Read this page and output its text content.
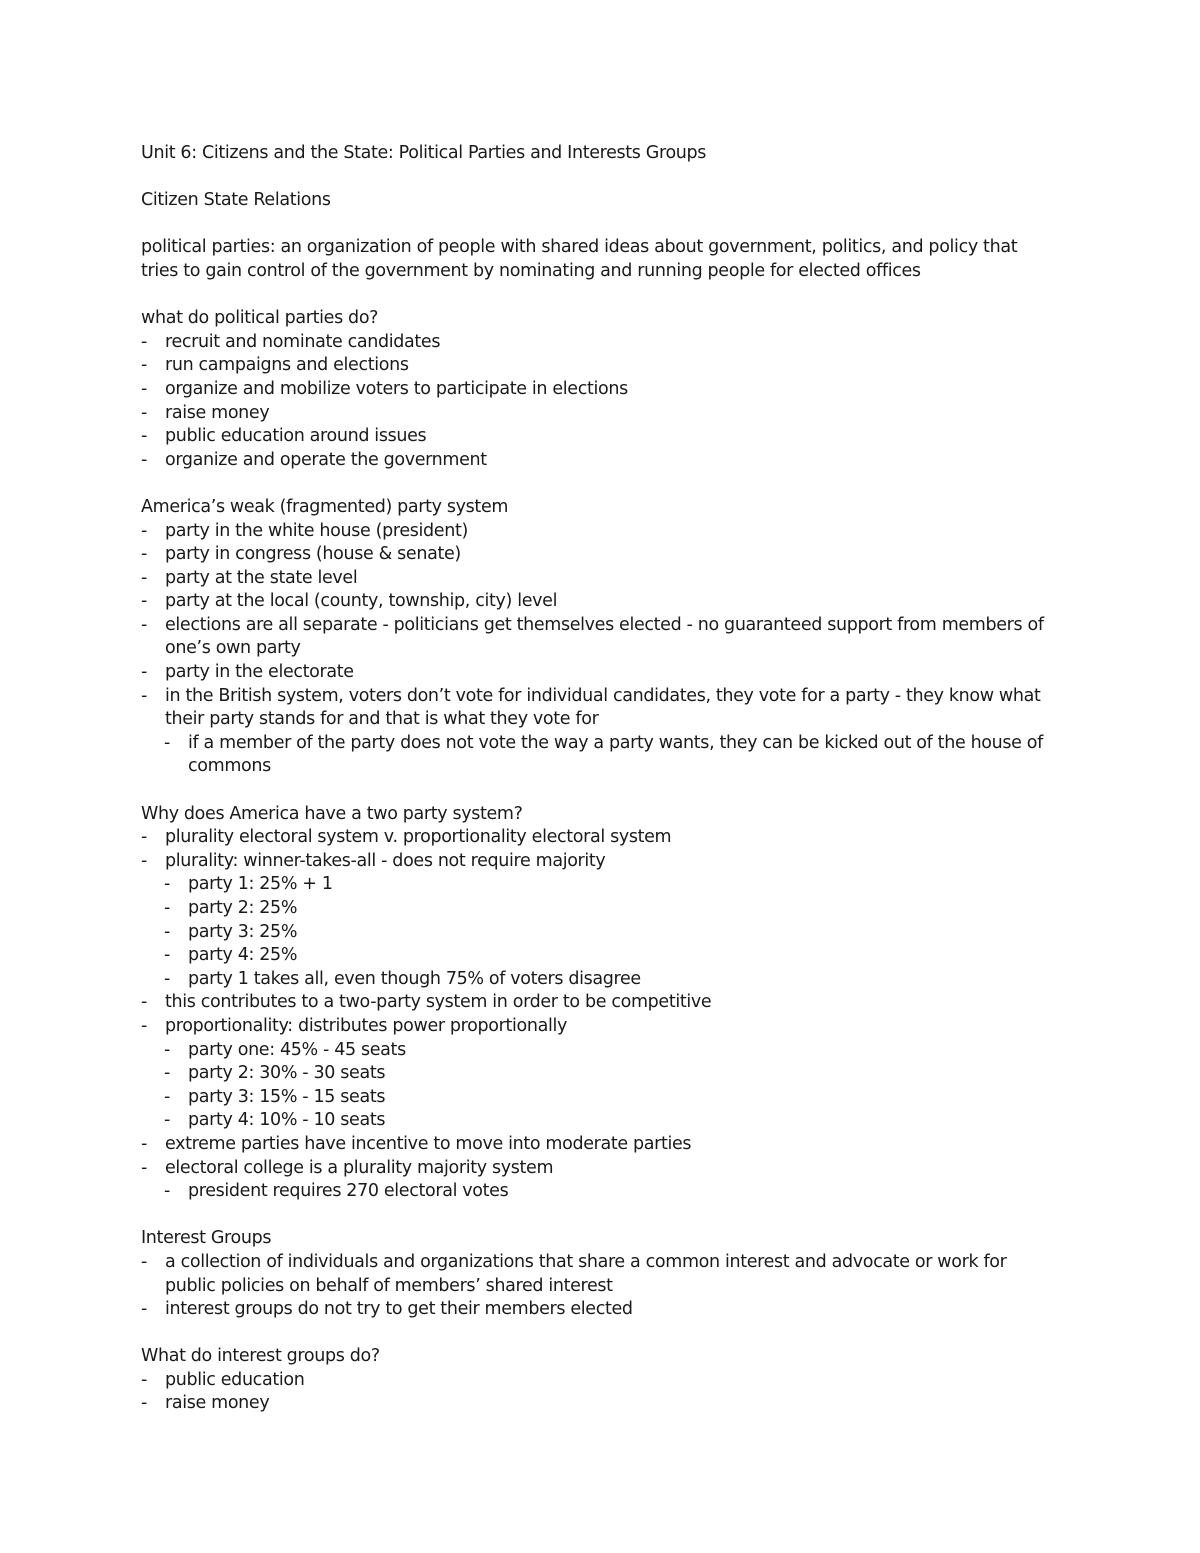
Unit 6: Citizens and the State: Political Parties and Interests Groups

Citizen State Relations

political parties: an organization of people with shared ideas about government, politics, and policy that tries to gain control of the government by nominating and running people for elected offices

what do political parties do?

- recruit and nominate candidates
- run campaigns and elections
- organize and mobilize voters to participate in elections
- raise money
- public education around issues
- organize and operate the government

America’s weak (fragmented) party system

- party in the white house (president)
- party in congress (house & senate)
- party at the state level
- party at the local (county, township, city) level
- elections are all separate - politicians get themselves elected - no guaranteed support from members of one’s own party
- party in the electorate
- in the British system, voters don’t vote for individual candidates, they vote for a party - they know what their party stands for and that is what they vote for
- if a member of the party does not vote the way a party wants, they can be kicked out of the house of commons

Why does America have a two party system?

- plurality electoral system v. proportionality electoral system
- plurality: winner-takes-all - does not require majority
- party 1: 25% + 1
- party 2: 25%
- party 3: 25%
- party 4: 25%
- party 1 takes all, even though 75% of voters disagree
- this contributes to a two-party system in order to be competitive
- proportionality: distributes power proportionally
- party one: 45% - 45 seats
- party 2: 30% - 30 seats
- party 3: 15% - 15 seats
- party 4: 10% - 10 seats
- extreme parties have incentive to move into moderate parties
- electoral college is a plurality majority system
- president requires 270 electoral votes

Interest Groups

- a collection of individuals and organizations that share a common interest and advocate or work for public policies on behalf of members’ shared interest
- interest groups do not try to get their members elected

What do interest groups do?

- public education
- raise money
